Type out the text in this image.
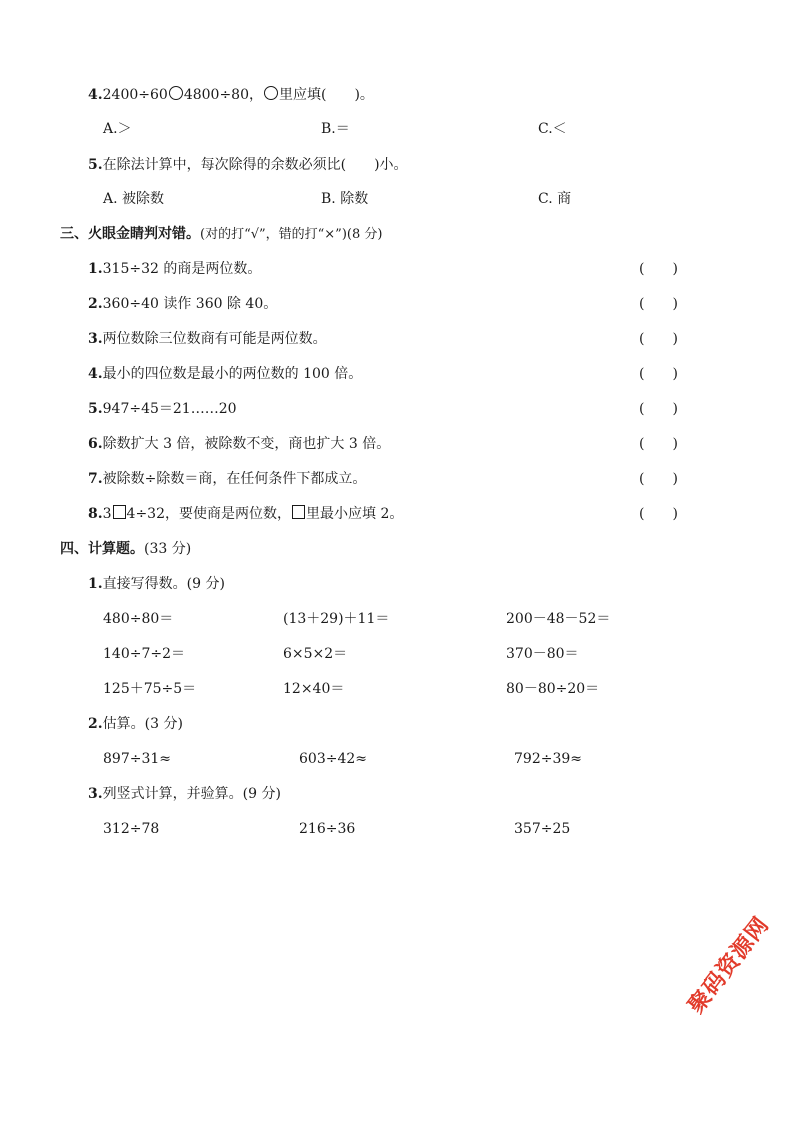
4.2400÷60 4800÷80， 里应填(　　)。
A.＞	B.＝	C.＜
5.在除法计算中，每次除得的余数必须比(　　)小。
A. 被除数	B. 除数	C. 商
三、火眼金睛判对错。(对的打“√”，错的打“×”)(8 分)
1.315÷32 的商是两位数。	(　　)
2.360÷40 读作 360 除 40。	(　　)
3.两位数除三位数商有可能是两位数。	(　　)
4.最小的四位数是最小的两位数的 100 倍。	(　　)
5.947÷45＝21……20	(　　)
6.除数扩大 3 倍，被除数不变，商也扩大 3 倍。	(　　)
7.被除数÷除数＝商，在任何条件下都成立。	(　　)
8.3 4÷32，要使商是两位数， 里最小应填 2。	(　　)
四、计算题。(33 分)
1.直接写得数。(9 分)
480÷80＝	(13＋29)＋11＝	200－48－52＝
140÷7÷2＝	6×5×2＝	370－80＝
125＋75÷5＝	12×40＝	80－80÷20＝
2.估算。(3 分)
897÷31≈	603÷42≈	792÷39≈
3.列竖式计算，并验算。(9 分)
312÷78	216÷36	357÷25
聚码资源网
